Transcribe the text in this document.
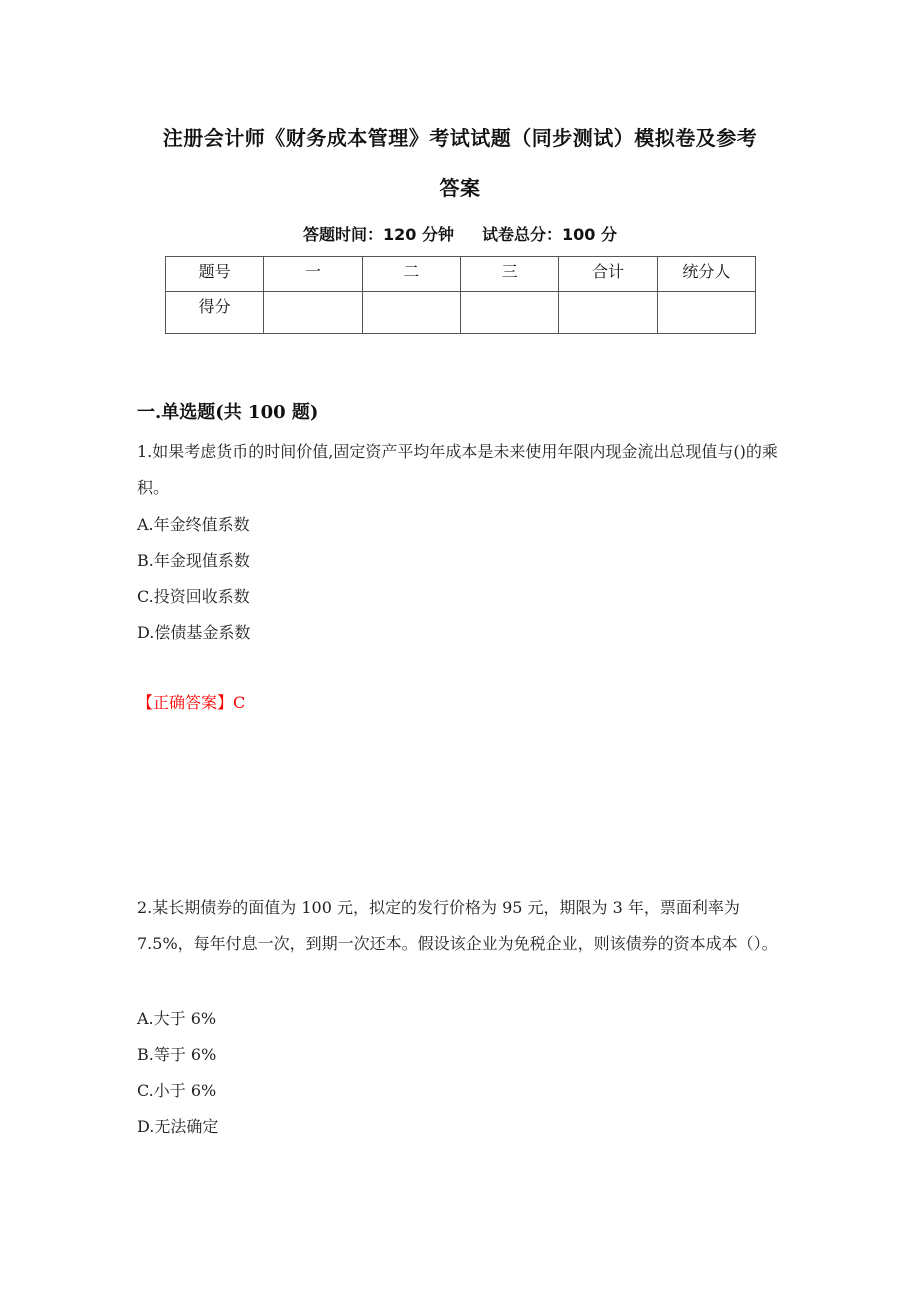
注册会计师《财务成本管理》考试试题（同步测试）模拟卷及参考
答案
答题时间：120 分钟 试卷总分：100 分
题号	一	二	三	合计	统分人
得分					
一.单选题(共 100 题)
1.如果考虑货币的时间价值,固定资产平均年成本是未来使用年限内现金流出总现值与()的乘积。
A.年金终值系数
B.年金现值系数
C.投资回收系数
D.偿债基金系数
【正确答案】C
2.某长期债券的面值为 100 元，拟定的发行价格为 95 元，期限为 3 年，票面利率为 7.5%，每年付息一次，到期一次还本。假设该企业为免税企业，则该债券的资本成本（）。
A.大于 6%
B.等于 6%
C.小于 6%
D.无法确定
